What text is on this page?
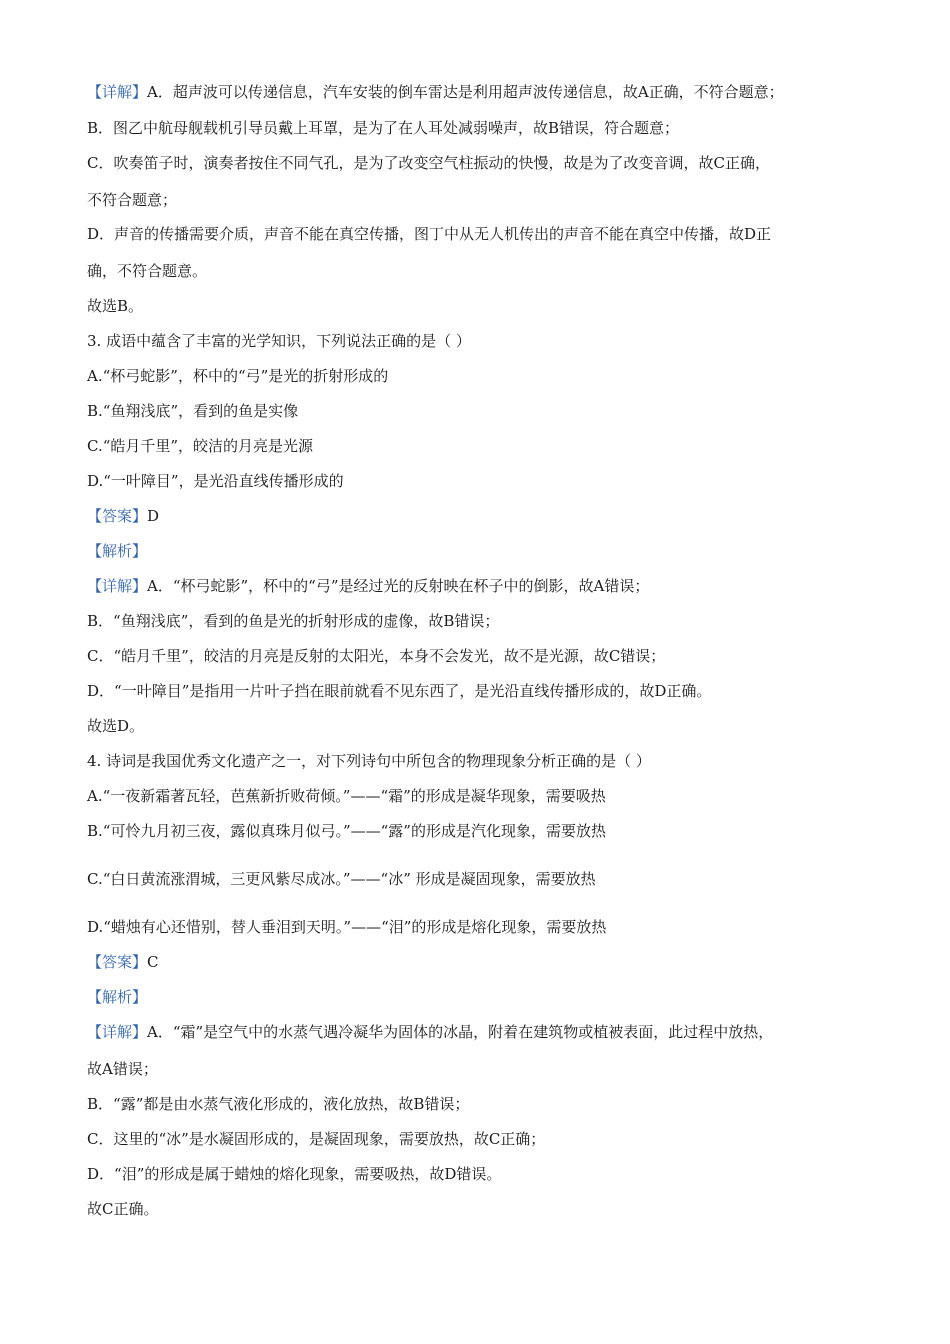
【详解】A．超声波可以传递信息，汽车安装的倒车雷达是利用超声波传递信息，故A正确，不符合题意；

B．图乙中航母舰载机引导员戴上耳罩，是为了在人耳处减弱噪声，故B错误，符合题意；

C．吹奏笛子时，演奏者按住不同气孔，是为了改变空气柱振动的快慢，故是为了改变音调，故C正确，

不符合题意；

D．声音的传播需要介质，声音不能在真空传播，图丁中从无人机传出的声音不能在真空中传播，故D正

确，不符合题意。

故选B。

3. 成语中蕴含了丰富的光学知识，下列说法正确的是（ ）

A.“杯弓蛇影”，杯中的“弓”是光的折射形成的

B.“鱼翔浅底”，看到的鱼是实像

C.“皓月千里”，皎洁的月亮是光源

D.“一叶障目”，是光沿直线传播形成的

【答案】D

【解析】

【详解】A．“杯弓蛇影”，杯中的“弓”是经过光的反射映在杯子中的倒影，故A错误；

B．“鱼翔浅底”，看到的鱼是光的折射形成的虚像，故B错误；

C．“皓月千里”，皎洁的月亮是反射的太阳光，本身不会发光，故不是光源，故C错误；

D．“一叶障目”是指用一片叶子挡在眼前就看不见东西了，是光沿直线传播形成的，故D正确。

故选D。

4. 诗词是我国优秀文化遗产之一，对下列诗句中所包含的物理现象分析正确的是（ ）

A.“一夜新霜著瓦轻，芭蕉新折败荷倾。”——“霜”的形成是凝华现象，需要吸热

B.“可怜九月初三夜，露似真珠月似弓。”——“露”的形成是汽化现象，需要放热

C.“白日黄流涨渭城，三更风紫尽成冰。”——“冰” 形成是凝固现象，需要放热

D.“蜡烛有心还惜别，替人垂泪到天明。”——“泪”的形成是熔化现象，需要放热

【答案】C

【解析】

【详解】A．“霜”是空气中的水蒸气遇冷凝华为固体的冰晶，附着在建筑物或植被表面，此过程中放热，

故A错误；

B．“露”都是由水蒸气液化形成的，液化放热，故B错误；

C．这里的“冰”是水凝固形成的，是凝固现象，需要放热，故C正确；

D．“泪”的形成是属于蜡烛的熔化现象，需要吸热，故D错误。

故C正确。
